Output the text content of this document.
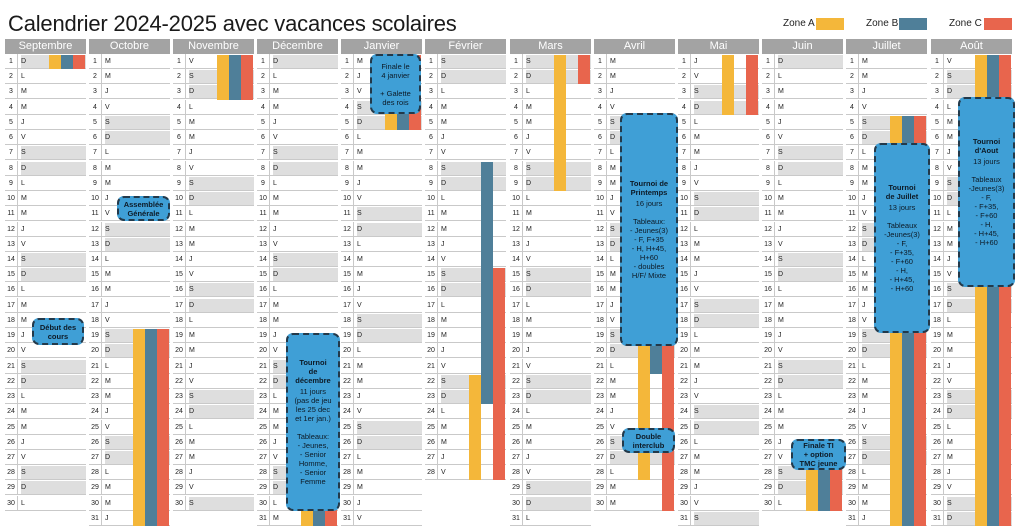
Calendrier 2024-2025 avec vacances scolaires	Zone A	Zone B	Zone C
Septembre
1	D
2	L
3	M
4	M
5	J
6	V
7	S
8	D
9	L
10 M
11 M
12 J
13 V
14 S
15 D
16 L
17 M
18 M
19 J
20 V
21 S
22 D
23 L
24 M
25 M
26 J
27 V
28 S
29 D
30 L
Octobre
1	M
2	M
3	J
4	V
5	S
6	D
7	L
8	M
9	M
10 J
11 V
12 S
13 D
14 L
15 M
16 M
17 J
18 V
19 S
20 D
21 L
22 M
23 M
24 J
25 V
26 S
27 D
28 L
29 M
30 M
31 J
Novembre
1	V
2	S
3	D
4	L
5	M
6	M
7	J
8	V
9	S
10 D
11 L
12 M
13 M
14 J
15 V
16 S
17 D
18 L
19 M
20 M
21 J
22 V
23 S
24 D
25 L
26 M
27 M
28 J
29 V
30 S
Décembre
1	D
2	L
3	M
4	M
5	J
6	V
7	S
8	D
9	L
10 M
11 M
12 J
13 V
14 S
15 D
16 L
17 M
18 M
19 J
20 V
21 S
22 D
23 L
24 M
25 M
26 J
27 V
28 S
29 D
30 L
31 M
Janvier
1	M
2	J
3	V
4	S
5	D
6	L
7	M
8	M
9	J
10 V
11 S
12 D
13 L
14 M
15 M
16 J
17 V
18 S
19 D
20 L
21 M
22 M
23 J
24 V
25 S
26 D
27 L
28 M
29 M
30 J
31 V
Février
1	S
2	D
3	L
4	M
5	M
6	J
7	V
8	S
9	D
10 L
11 M
12 M
13 J
14 V
15 S
16 D
17 L
18 M
19 M
20 J
21 V
22 S
23 D
24 L
25 M
26 M
27 J
28 V
Mars
1	S
2	D
3	L
4	M
5	M
6	J
7	V
8	S
9	D
10 L
11 M
12 M
13 J
14 V
15 S
16 D
17 L
18 M
19 M
20 J
21 V
22 S
23 D
24 L
25 M
26 M
27 J
28 V
29 S
30 D
31 L
Avril
1	M
2	M
3	J
4	V
5	S
6	D
7	L
8	M
9	M
10 J
11 V
12 S
13 D
14 L
15 M
16 M
17 J
18 V
19 S
20 D
21 L
22 M
23 M
24 J
25 V
26 S
27 D
28 L
29 M
30 M
Mai
1	J
2	V
3	S
4	D
5	L
6	M
7	M
8	J
9	V
10 S
11 D
12 L
13 M
14 M
15 J
16 V
17 S
18 D
19 L
20 M
21 M
22 J
23 V
24 S
25 D
26 L
27 M
28 M
29 J
30 V
31 S
Juin
1	D
2	L
3	M
4	M
5	J
6	V
7	S
8	D
9	L
10 M
11 M
12 J
13 V
14 S
15 D
16 L
17 M
18 M
19 J
20 V
21 S
22 D
23 L
24 M
25 M
26 J
27 V
28 S
29 D
30 L
Juillet
1	M
2	M
3	J
4	V
5	S
6	D
7	L
8	M
9	M
10 J
11 V
12 S
13 D
14 L
15 M
16 M
17 J
18 V
19 S
20 D
21 L
22 M
23 M
24 J
25 V
26 S
27 D
28 L
29 M
30 M
31 J
Août
1	V
2	S
3	D
4	L
5	M
6	M
7	J
8	V
9	S
10 D
11 L
12 M
13 M
14 J
15 V
16 S
17 D
18 L
19 M
20 M
21 J
22 V
23 S
24 D
25 L
26 M
27 M
28 J
29 V
30 S
31 D
Début des
cours
Assemblée
Générale
Tournoi
de
décembre
11 jours
(pas de jeu
les 25 dec
et 1er jan.)

Tableaux:
- Jeunes,
- Senior
Homme,
- Senior
Femme
Finale le
4 janvier

+ Galette
des rois
Tournoi de
Printemps
16 jours

Tableaux:
- Jeunes(3)
- F, F+35
- H, H+45,
H+60
- doubles
H/F/ Mixte
Double
interclub	Finale TI
+ option
TMC jeune
Tournoi
de Juillet
13 jours

Tableaux
-Jeunes(3)
- F,
- F+35,
- F+60
- H,
- H+45,
- H+60
Tournoi
d'Aout
13 jours

Tableaux
-Jeunes(3)
- F,
- F+35,
- F+60
- H,
- H+45,
- H+60
